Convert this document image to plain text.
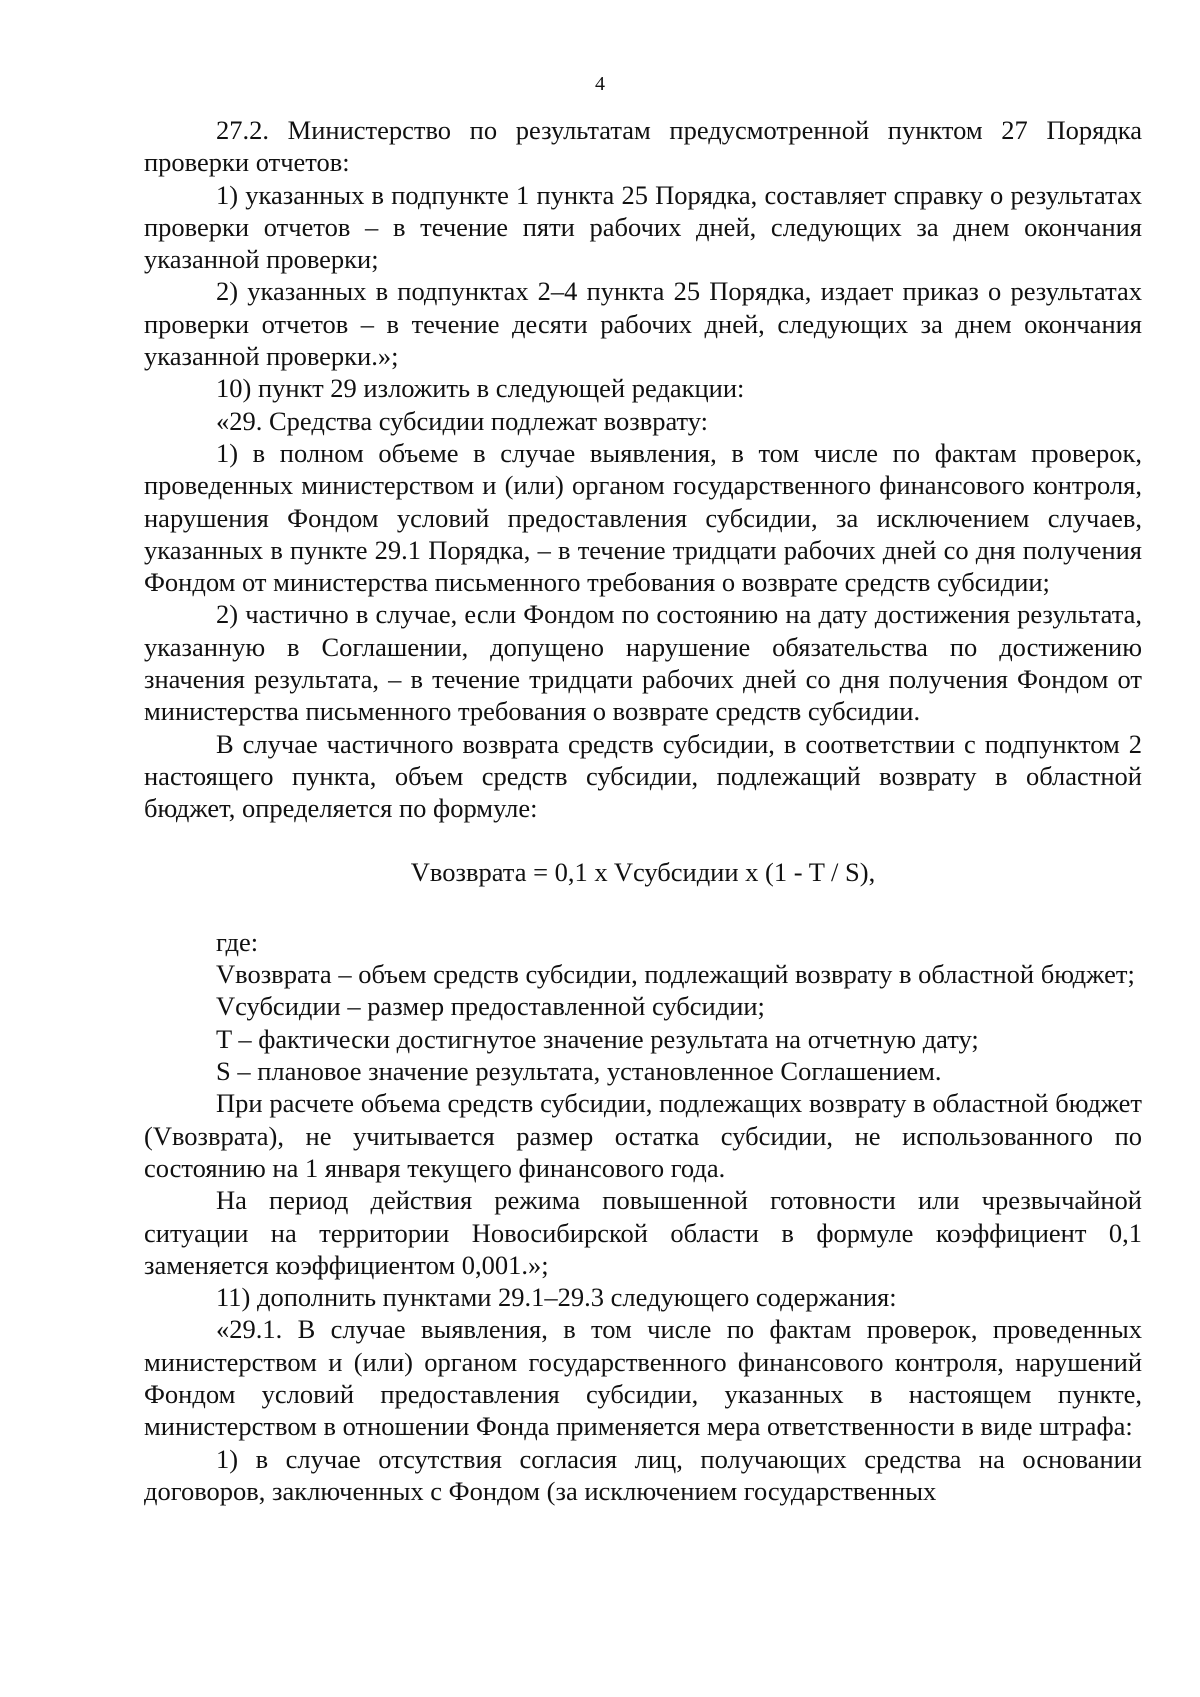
4

27.2. Министерство по результатам предусмотренной пунктом 27 Порядка проверки отчетов:

1) указанных в подпункте 1 пункта 25 Порядка, составляет справку о результатах проверки отчетов – в течение пяти рабочих дней, следующих за днем окончания указанной проверки;

2) указанных в подпунктах 2–4 пункта 25 Порядка, издает приказ о результатах проверки отчетов – в течение десяти рабочих дней, следующих за днем окончания указанной проверки.»;

10) пункт 29 изложить в следующей редакции:

«29. Средства субсидии подлежат возврату:

1) в полном объеме в случае выявления, в том числе по фактам проверок, проведенных министерством и (или) органом государственного финансового контроля, нарушения Фондом условий предоставления субсидии, за исключением случаев, указанных в пункте 29.1 Порядка, – в течение тридцати рабочих дней со дня получения Фондом от министерства письменного требования о возврате средств субсидии;

2) частично в случае, если Фондом по состоянию на дату достижения результата, указанную в Соглашении, допущено нарушение обязательства по достижению значения результата, – в течение тридцати рабочих дней со дня получения Фондом от министерства письменного требования о возврате средств субсидии.

В случае частичного возврата средств субсидии, в соответствии с подпунктом 2 настоящего пункта, объем средств субсидии, подлежащий возврату в областной бюджет, определяется по формуле:

Vвозврата = 0,1 x Vсубсидии x (1 - T / S),

где:

Vвозврата – объем средств субсидии, подлежащий возврату в областной бюджет;

Vсубсидии – размер предоставленной субсидии;

T – фактически достигнутое значение результата на отчетную дату;

S – плановое значение результата, установленное Соглашением.

При расчете объема средств субсидии, подлежащих возврату в областной бюджет (Vвозврата), не учитывается размер остатка субсидии, не использованного по состоянию на 1 января текущего финансового года.

На период действия режима повышенной готовности или чрезвычайной ситуации на территории Новосибирской области в формуле коэффициент 0,1 заменяется коэффициентом 0,001.»;

11) дополнить пунктами 29.1–29.3 следующего содержания:

«29.1. В случае выявления, в том числе по фактам проверок, проведенных министерством и (или) органом государственного финансового контроля, нарушений Фондом условий предоставления субсидии, указанных в настоящем пункте, министерством в отношении Фонда применяется мера ответственности в виде штрафа:

1) в случае отсутствия согласия лиц, получающих средства на основании договоров, заключенных с Фондом (за исключением государственных
